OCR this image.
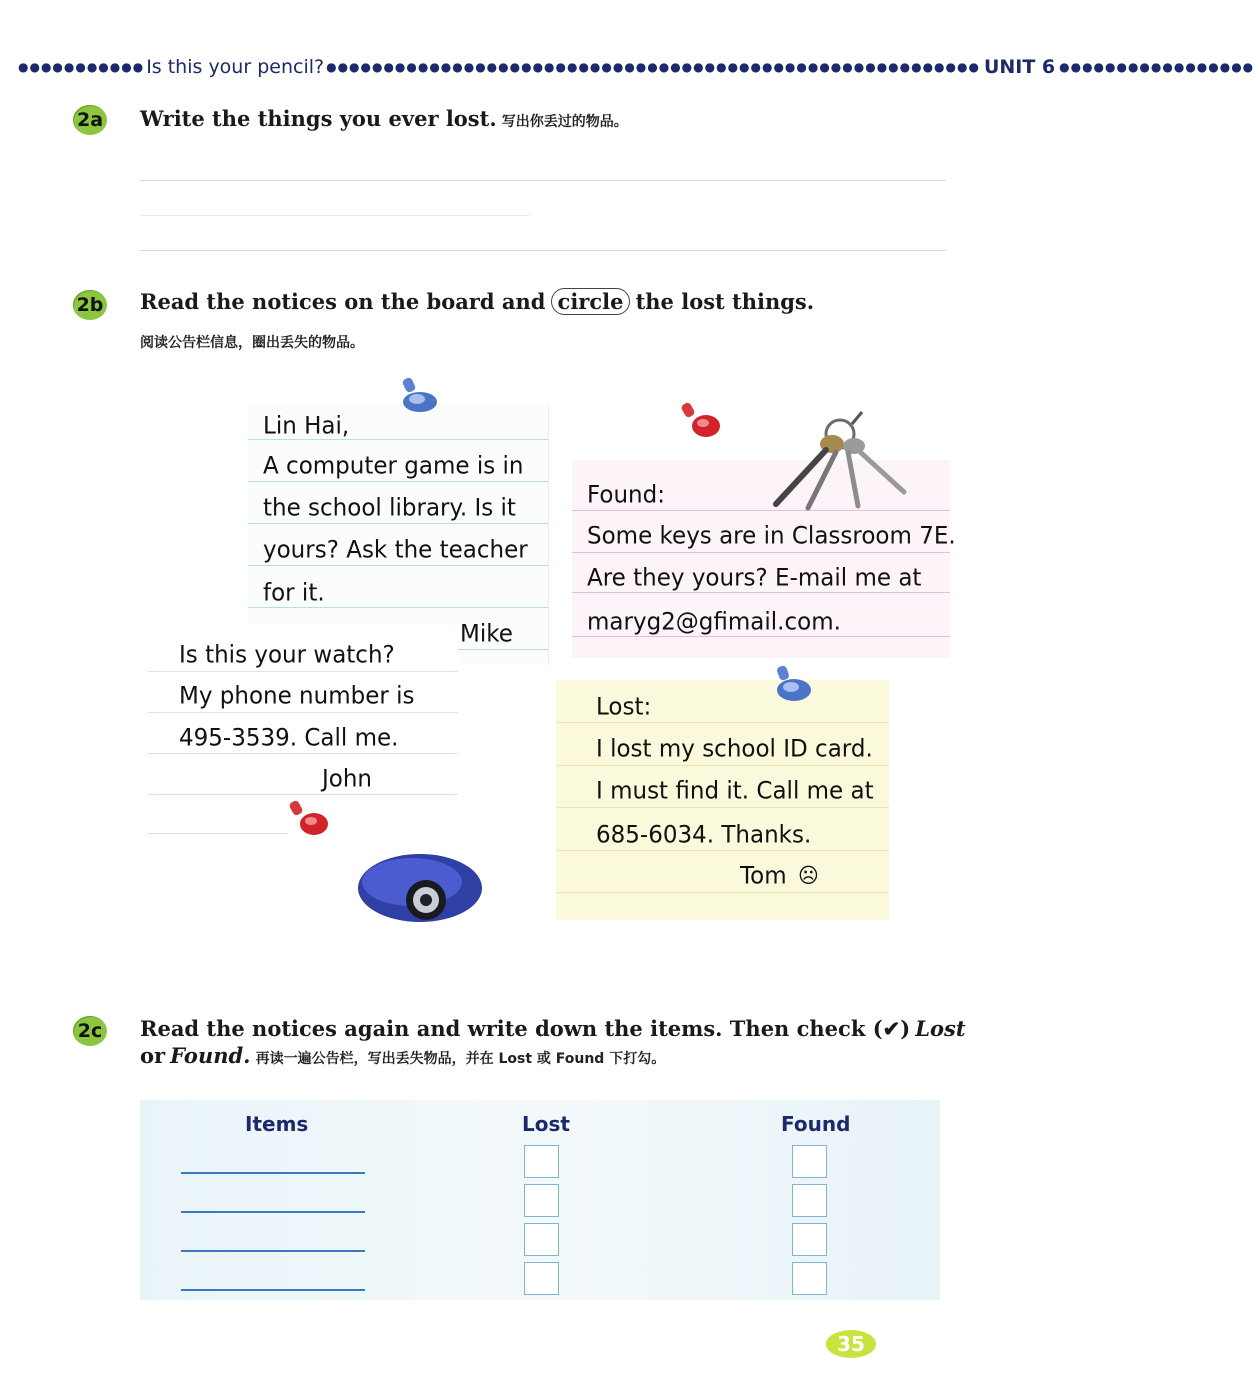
●●●●●●●●●●● Is this your pencil? ●●●●●●●●●●●●●●●●●●●●●●●●●●●●●●●●●●●●●●●●●●●●●●●●●●●●●●●●● UNIT 6 ●●●●●●●●●●●●●●●●●
2a Write the things you ever lost. 写出你丢过的物品。
2b Read the notices on the board and circle the lost things.
阅读公告栏信息，圈出丢失的物品。
Lin Hai,
A computer game is in
the school library. Is it
yours? Ask the teacher
for it.
Mike
Is this your watch?
My phone number is
495-3539. Call me.
John
Found:
Some keys are in Classroom 7E.
Are they yours? E-mail me at
maryg2@gfimail.com.
Lost:
I lost my school ID card.
I must find it. Call me at
685-6034. Thanks.
Tom ☹
2c Read the notices again and write down the items. Then check (✔) Lost
or Found. 再读一遍公告栏，写出丢失物品，并在 Lost 或 Found 下打勾。
Items	Lost	Found
35
